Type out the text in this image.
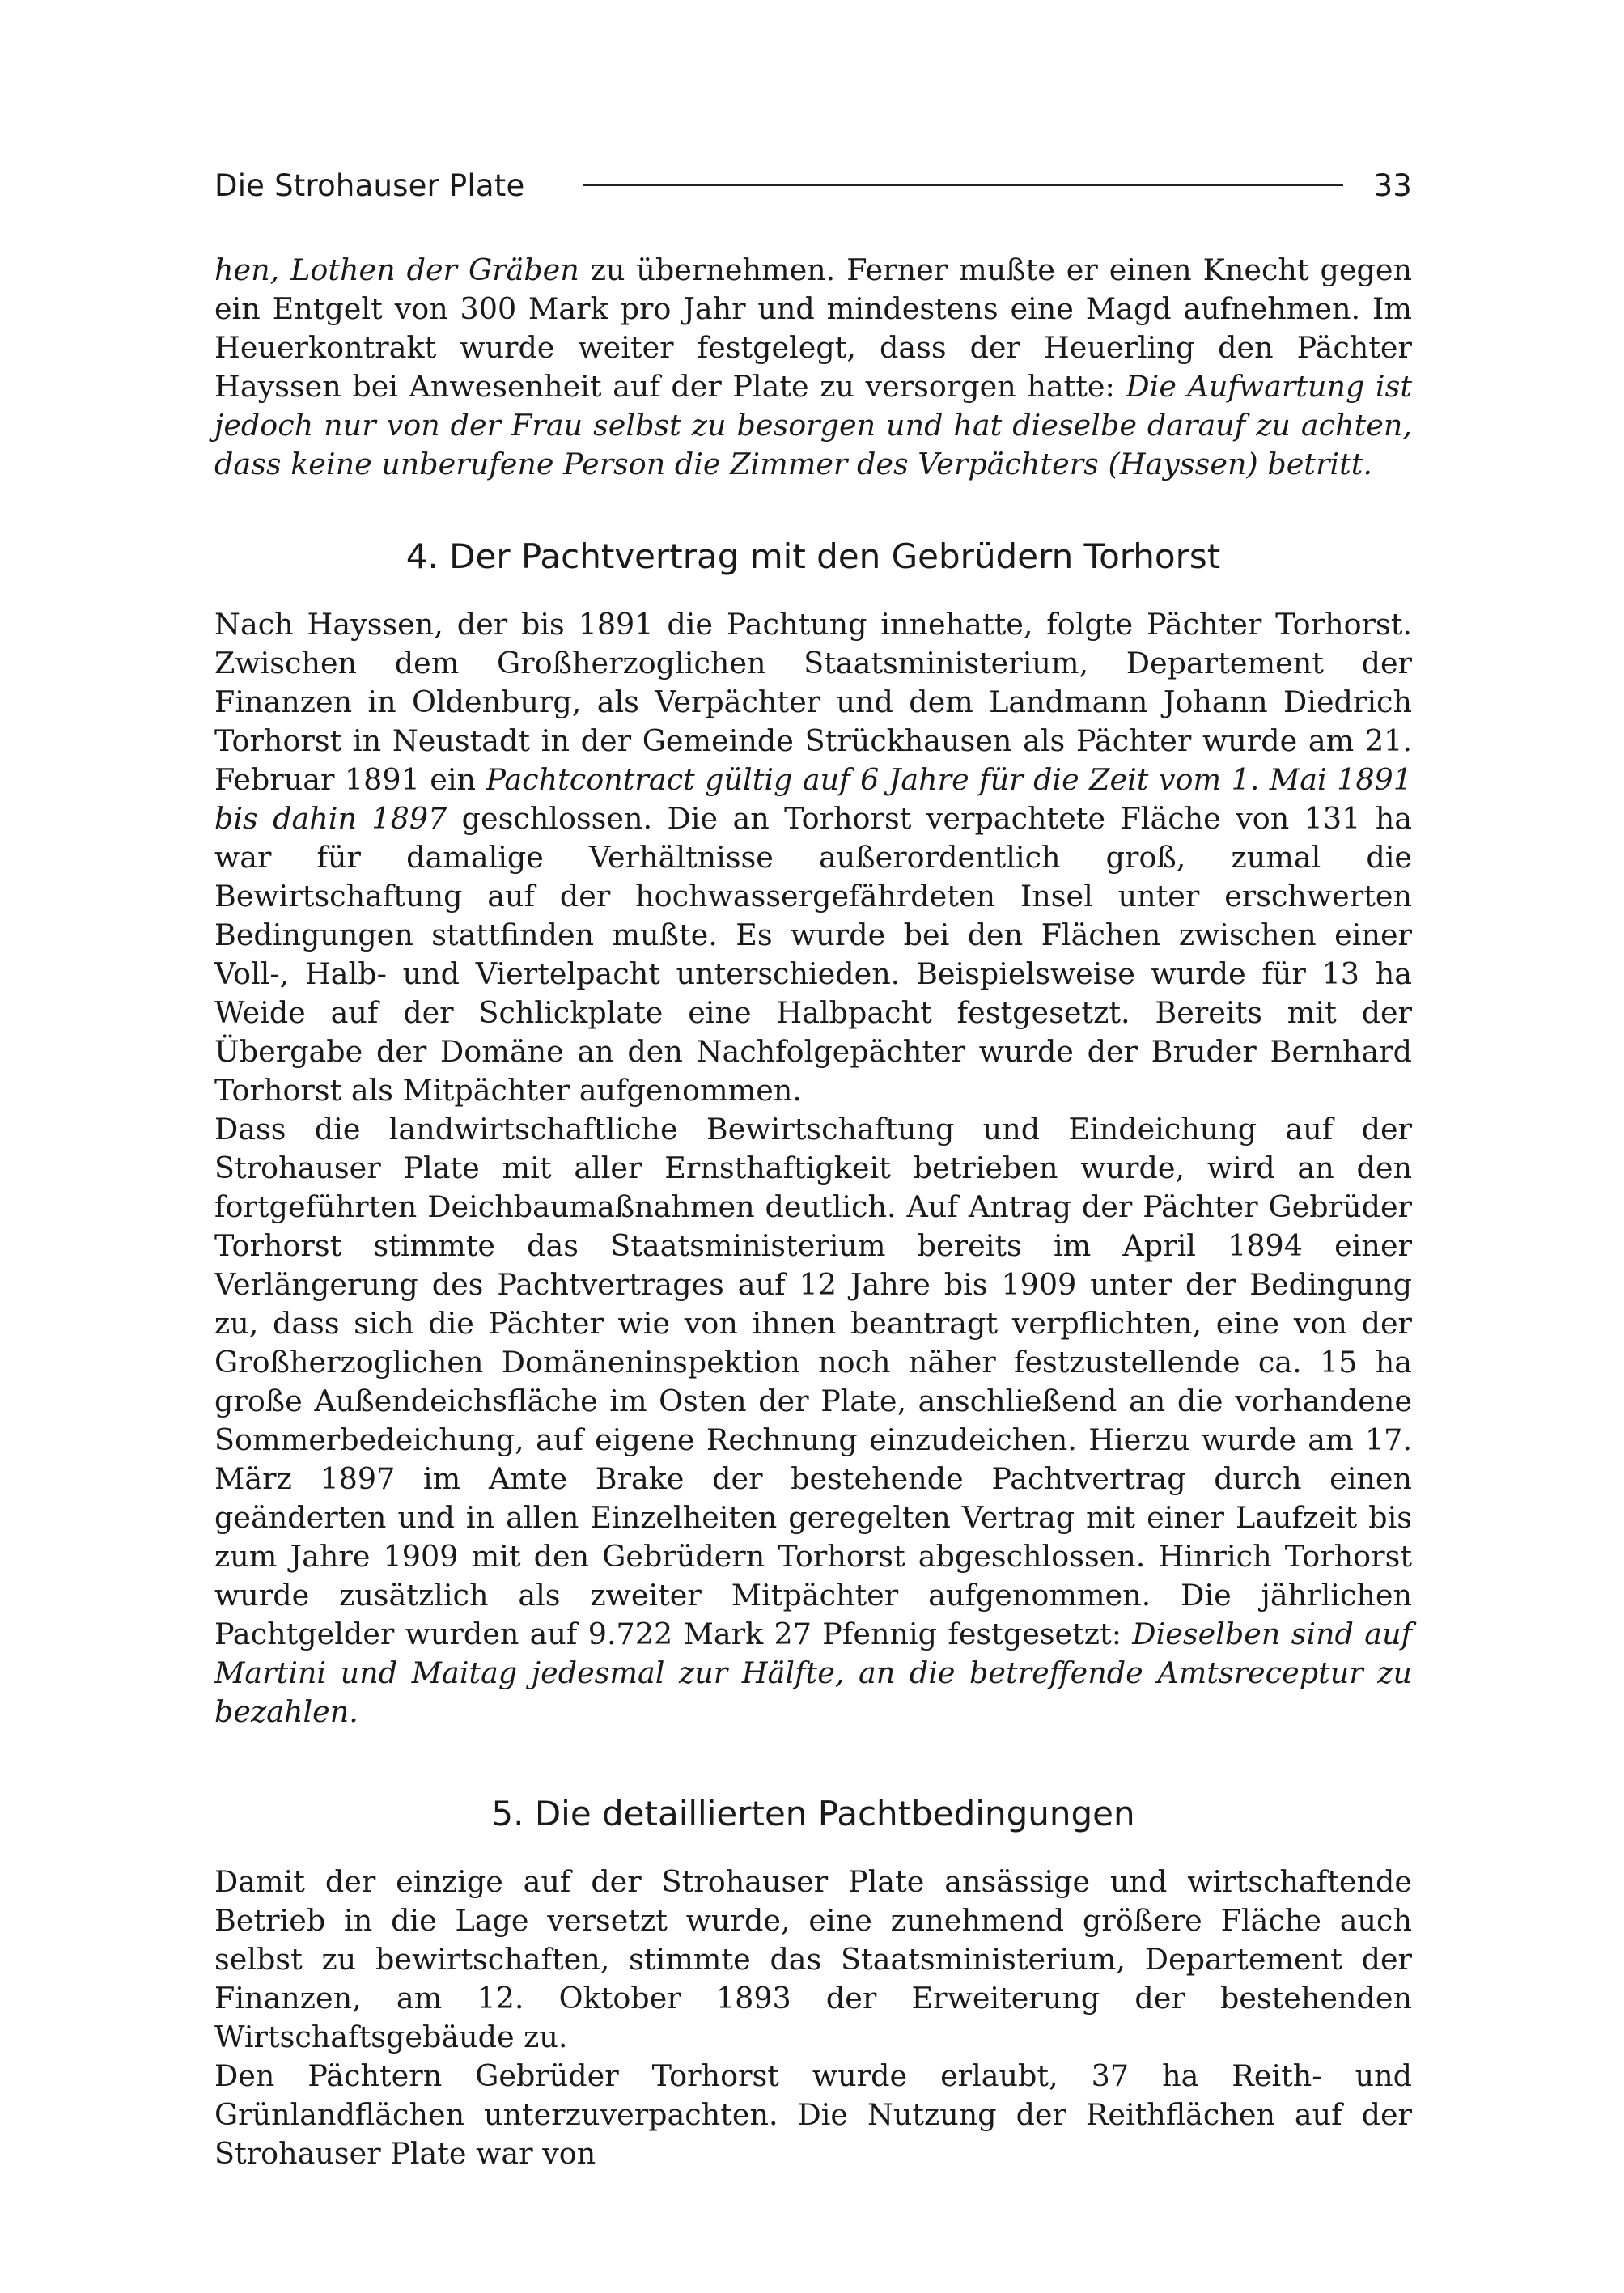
Die Strohauser Plate	33

hen, Lothen der Gräben zu übernehmen. Ferner mußte er einen Knecht gegen ein Entgelt von 300 Mark pro Jahr und mindestens eine Magd aufnehmen. Im Heuerkontrakt wurde weiter festgelegt, dass der Heuerling den Pächter Hayssen bei Anwesenheit auf der Plate zu versorgen hatte: Die Aufwartung ist jedoch nur von der Frau selbst zu besorgen und hat dieselbe darauf zu achten, dass keine unberufene Person die Zimmer des Verpächters (Hayssen) betritt.

4. Der Pachtvertrag mit den Gebrüdern Torhorst

Nach Hayssen, der bis 1891 die Pachtung innehatte, folgte Pächter Torhorst. Zwischen dem Großherzoglichen Staatsministerium, Departement der Finanzen in Oldenburg, als Verpächter und dem Landmann Johann Diedrich Torhorst in Neustadt in der Gemeinde Strückhausen als Pächter wurde am 21. Februar 1891 ein Pachtcontract gültig auf 6 Jahre für die Zeit vom 1. Mai 1891 bis dahin 1897 geschlossen. Die an Torhorst verpachtete Fläche von 131 ha war für damalige Verhältnisse außerordentlich groß, zumal die Bewirtschaftung auf der hochwassergefährdeten Insel unter erschwerten Bedingungen stattfinden mußte. Es wurde bei den Flächen zwischen einer Voll-, Halb- und Viertelpacht unterschieden. Beispielsweise wurde für 13 ha Weide auf der Schlickplate eine Halbpacht festgesetzt. Bereits mit der Übergabe der Domäne an den Nachfolgepächter wurde der Bruder Bernhard Torhorst als Mitpächter aufgenommen.

Dass die landwirtschaftliche Bewirtschaftung und Eindeichung auf der Strohauser Plate mit aller Ernsthaftigkeit betrieben wurde, wird an den fortgeführten Deichbaumaßnahmen deutlich. Auf Antrag der Pächter Gebrüder Torhorst stimmte das Staatsministerium bereits im April 1894 einer Verlängerung des Pachtvertrages auf 12 Jahre bis 1909 unter der Bedingung zu, dass sich die Pächter wie von ihnen beantragt verpflichten, eine von der Großherzoglichen Domäneninspektion noch näher festzustellende ca. 15 ha große Außendeichsfläche im Osten der Plate, anschließend an die vorhandene Sommerbedeichung, auf eigene Rechnung einzudeichen. Hierzu wurde am 17. März 1897 im Amte Brake der bestehende Pachtvertrag durch einen geänderten und in allen Einzelheiten geregelten Vertrag mit einer Laufzeit bis zum Jahre 1909 mit den Gebrüdern Torhorst abgeschlossen. Hinrich Torhorst wurde zusätzlich als zweiter Mitpächter aufgenommen. Die jährlichen Pachtgelder wurden auf 9.722 Mark 27 Pfennig festgesetzt: Dieselben sind auf Martini und Maitag jedesmal zur Hälfte, an die betreffende Amtsreceptur zu bezahlen.

5. Die detaillierten Pachtbedingungen

Damit der einzige auf der Strohauser Plate ansässige und wirtschaftende Betrieb in die Lage versetzt wurde, eine zunehmend größere Fläche auch selbst zu bewirtschaften, stimmte das Staatsministerium, Departement der Finanzen, am 12. Oktober 1893 der Erweiterung der bestehenden Wirtschaftsgebäude zu.

Den Pächtern Gebrüder Torhorst wurde erlaubt, 37 ha Reith- und Grünlandflächen unterzuverpachten. Die Nutzung der Reithflächen auf der Strohauser Plate war von
